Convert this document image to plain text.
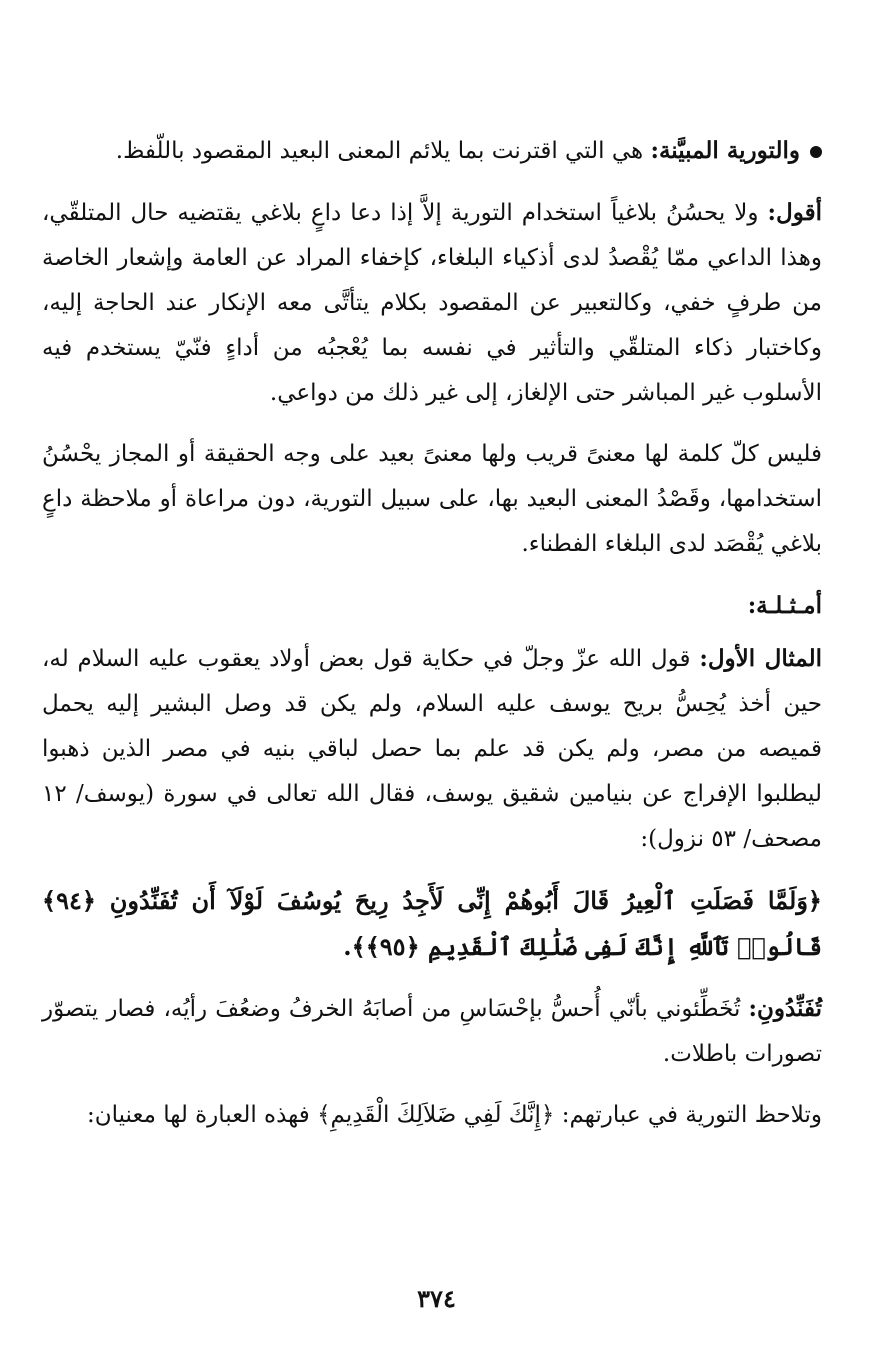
والتورية المبيَّنة: هي التي اقترنت بما يلائم المعنى البعيد المقصود باللّفظ.

أقول: ولا يحسُنُ بلاغياً استخدام التورية إلاَّ إذا دعا داعٍ بلاغي يقتضيه حال المتلقّي، وهذا الداعي ممّا يُقْصدُ لدى أذكياء البلغاء، كإخفاء المراد عن العامة وإشعار الخاصة من طرفٍ خفي، وكالتعبير عن المقصود بكلام يتأتَّى معه الإنكار عند الحاجة إليه، وكاختبار ذكاء المتلقّي والتأثير في نفسه بما يُعْجبُه من أداءٍ فنّيّ يستخدم فيه الأسلوب غير المباشر حتى الإلغاز، إلى غير ذلك من دواعي.

فليس كلّ كلمة لها معنىً قريب ولها معنىً بعيد على وجه الحقيقة أو المجاز يحْسُنُ استخدامها، وقَصْدُ المعنى البعيد بها، على سبيل التورية، دون مراعاة أو ملاحظة داعٍ بلاغي يُقْصَد لدى البلغاء الفطناء.

أمـثـلـة:

المثال الأول: قول الله عزّ وجلّ في حكاية قول بعض أولاد يعقوب عليه السلام له، حين أخذ يُحِسُّ بريح يوسف عليه السلام، ولم يكن قد وصل البشير إليه يحمل قميصه من مصر، ولم يكن قد علم بما حصل لباقي بنيه في مصر الذين ذهبوا ليطلبوا الإفراج عن بنيامين شقيق يوسف، فقال الله تعالى في سورة (يوسف/ ١٢ مصحف/ ٥٣ نزول):

﴿وَلَمَّا فَصَلَتِ ٱلْعِيرُ قَالَ أَبُوهُمْ إِنِّى لَأَجِدُ رِيحَ يُوسُفَ لَوْلَآ أَن تُفَنِّدُونِ ﴿٩٤﴾ قَالُوا۟ تَٱللَّهِ إِنَّكَ لَفِى ضَلَٰلِكَ ٱلْقَدِيمِ ﴿٩٥﴾﴾.

تُفَنِّدُونِ: تُخَطِّئوني بأنّي أُحسُّ بإحْسَاسِ من أصابَهُ الخرفُ وضعُفَ رأيُه، فصار يتصوّر تصورات باطلات.

وتلاحظ التورية في عبارتهم: ﴿إِنَّكَ لَفِي ضَلاَلِكَ الْقَدِيمِ﴾ فهذه العبارة لها معنيان:

٣٧٤
